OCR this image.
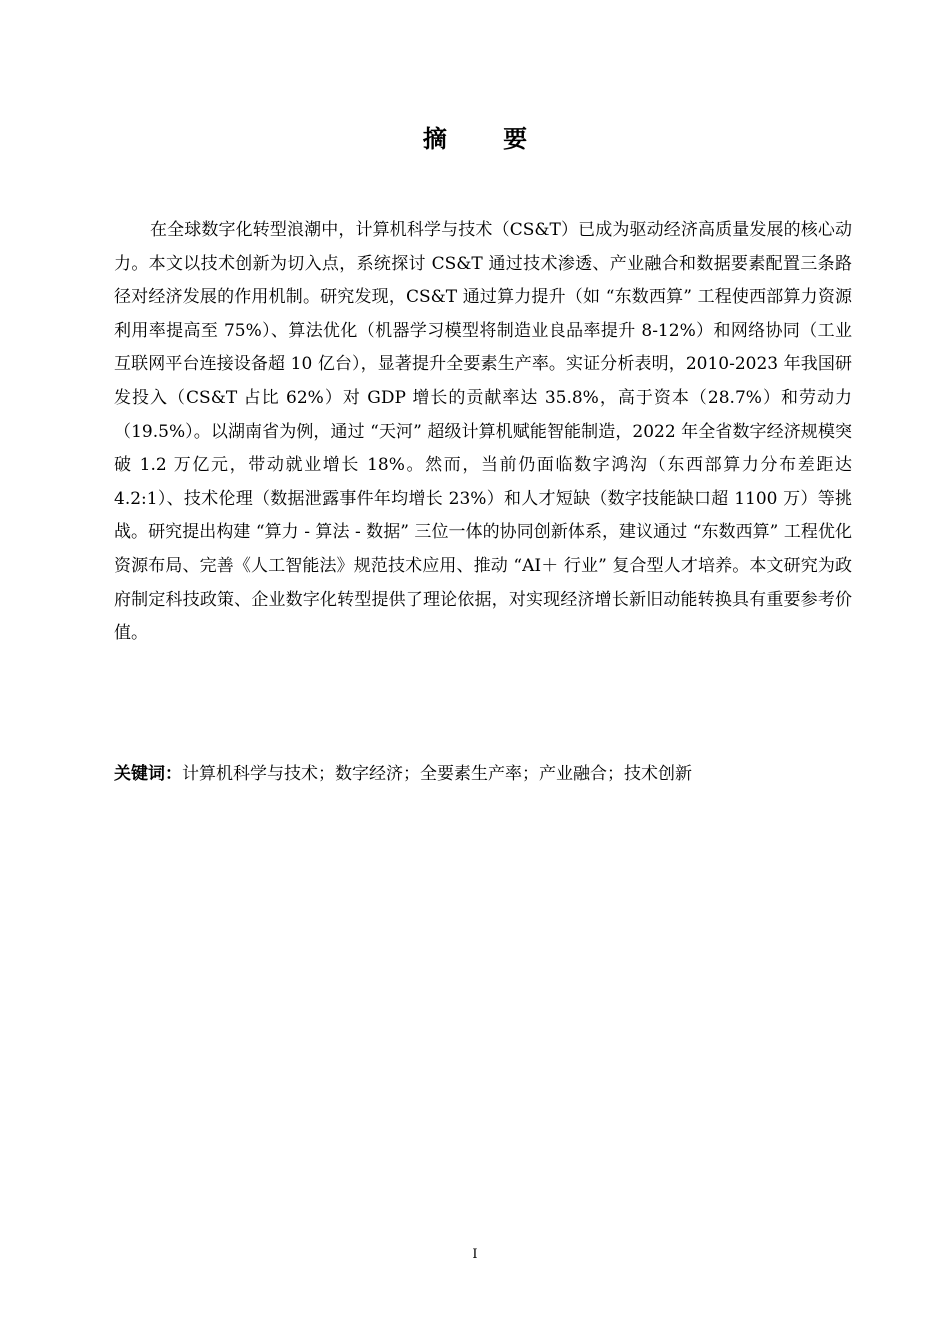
摘 要

在全球数字化转型浪潮中，计算机科学与技术（CS&T）已成为驱动经济高质量发展的核心动力。本文以技术创新为切入点，系统探讨 CS&T 通过技术渗透、产业融合和数据要素配置三条路径对经济发展的作用机制。研究发现，CS&T 通过算力提升（如 “东数西算” 工程使西部算力资源利用率提高至 75%）、算法优化（机器学习模型将制造业良品率提升 8-12%）和网络协同（工业互联网平台连接设备超 10 亿台），显著提升全要素生产率。实证分析表明，2010-2023 年我国研发投入（CS&T 占比 62%）对 GDP 增长的贡献率达 35.8%，高于资本（28.7%）和劳动力（19.5%）。以湖南省为例，通过 “天河” 超级计算机赋能智能制造，2022 年全省数字经济规模突破 1.2 万亿元，带动就业增长 18%。然而，当前仍面临数字鸿沟（东西部算力分布差距达 4.2:1）、技术伦理（数据泄露事件年均增长 23%）和人才短缺（数字技能缺口超 1100 万）等挑战。研究提出构建 “算力 - 算法 - 数据” 三位一体的协同创新体系，建议通过 “东数西算” 工程优化资源布局、完善《人工智能法》规范技术应用、推动 “AI＋ 行业” 复合型人才培养。本文研究为政府制定科技政策、企业数字化转型提供了理论依据，对实现经济增长新旧动能转换具有重要参考价值。

关键词：计算机科学与技术；数字经济；全要素生产率；产业融合；技术创新

I
